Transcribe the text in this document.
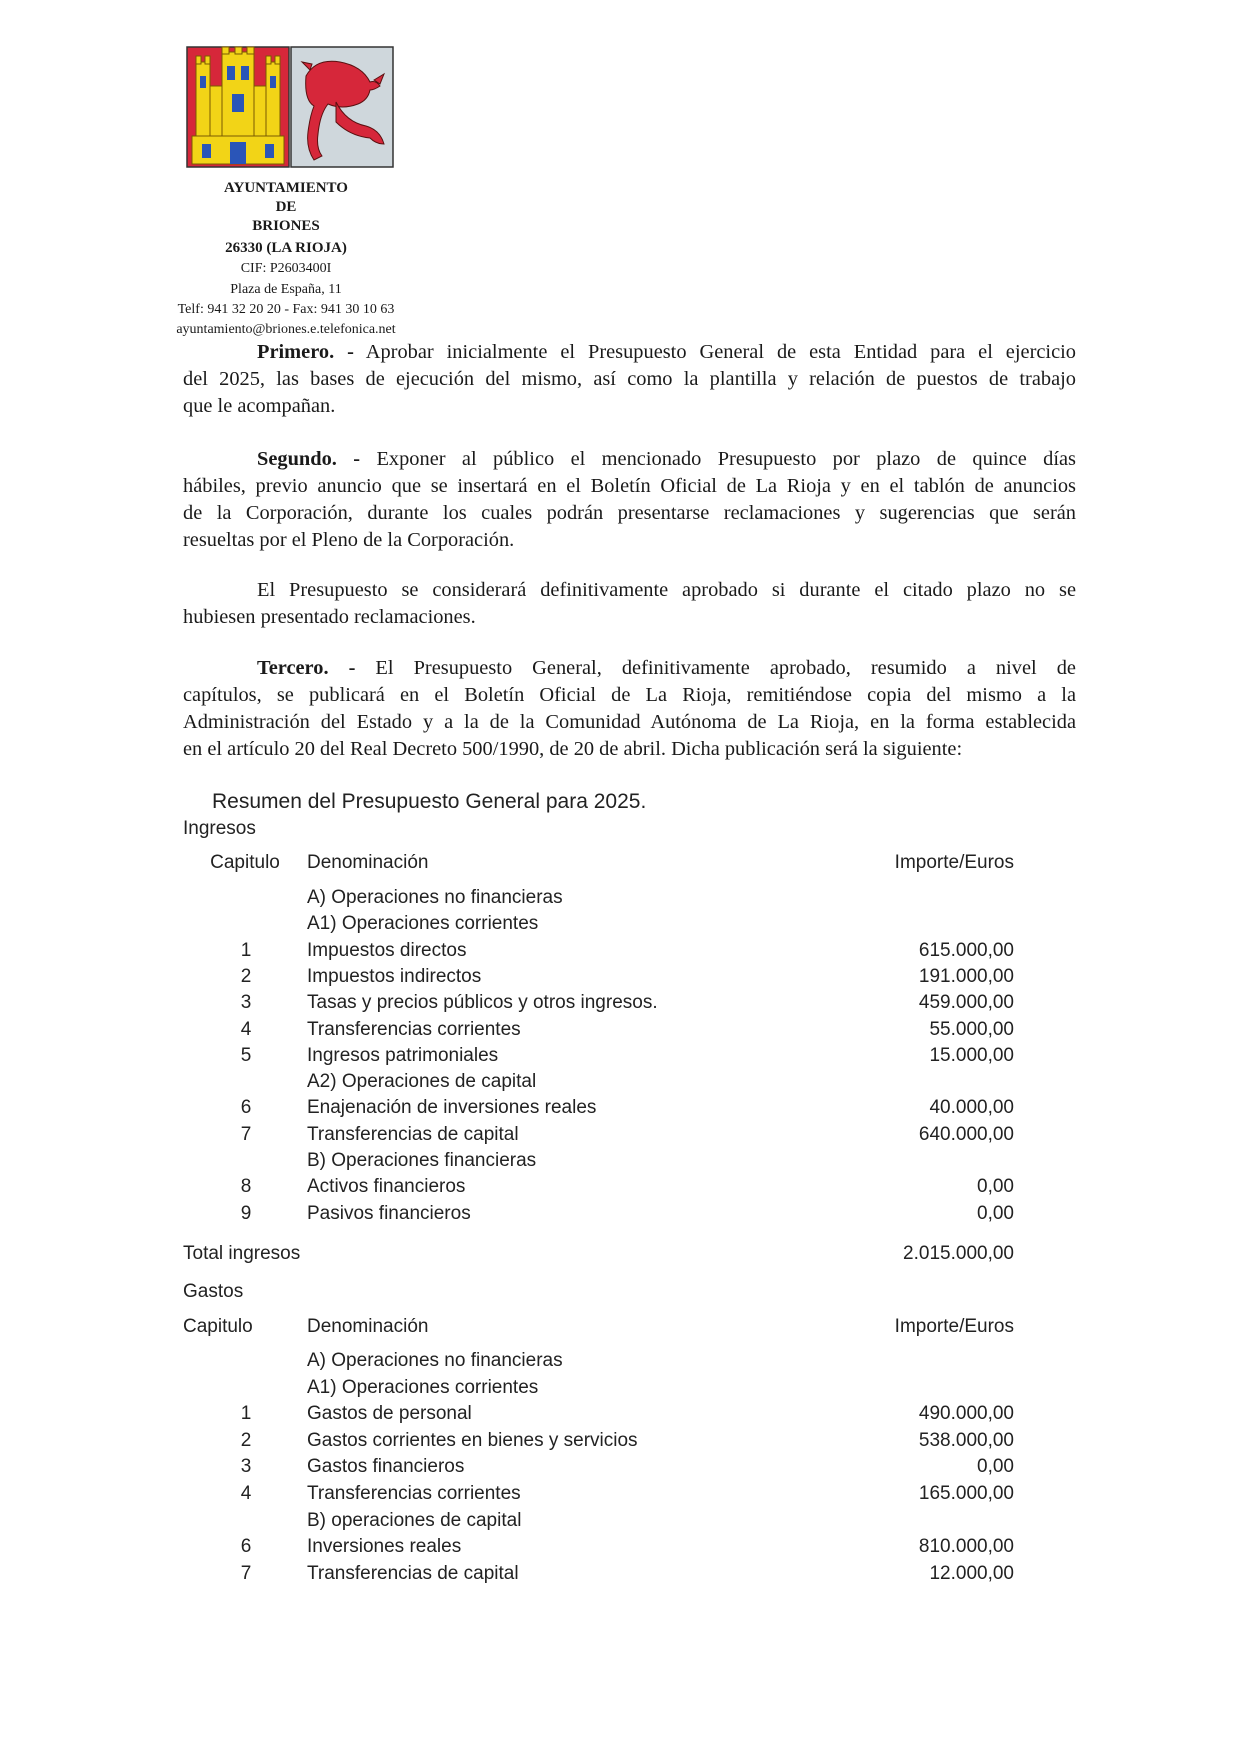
AYUNTAMIENTO
DE
BRIONES
26330 (LA RIOJA)
CIF: P2603400I
Plaza de España, 11
Telf: 941 32 20 20 - Fax: 941 30 10 63
ayuntamiento@briones.e.telefonica.net
Primero. - Aprobar inicialmente el Presupuesto General de esta Entidad para el ejercicio
del 2025, las bases de ejecución del mismo, así como la plantilla y relación de puestos de trabajo
que le acompañan.
Segundo. - Exponer al público el mencionado Presupuesto por plazo de quince días
hábiles, previo anuncio que se insertará en el Boletín Oficial de La Rioja y en el tablón de anuncios
de la Corporación, durante los cuales podrán presentarse reclamaciones y sugerencias que serán
resueltas por el Pleno de la Corporación.
El Presupuesto se considerará definitivamente aprobado si durante el citado plazo no se
hubiesen presentado reclamaciones.
Tercero. - El Presupuesto General, definitivamente aprobado, resumido a nivel de
capítulos, se publicará en el Boletín Oficial de La Rioja, remitiéndose copia del mismo a la
Administración del Estado y a la de la Comunidad Autónoma de La Rioja, en la forma establecida
en el artículo 20 del Real Decreto 500/1990, de 20 de abril. Dicha publicación será la siguiente:
Resumen del Presupuesto General para 2025.
Ingresos
Capitulo Denominación	Importe/Euros
A) Operaciones no financieras
A1) Operaciones corrientes
1	Impuestos directos	615.000,00
2	Impuestos indirectos	191.000,00
3	Tasas y precios públicos y otros ingresos.	459.000,00
4	Transferencias corrientes	55.000,00
5	Ingresos patrimoniales	15.000,00
A2) Operaciones de capital
6	Enajenación de inversiones reales	40.000,00
7	Transferencias de capital	640.000,00
B) Operaciones financieras
8	Activos financieros	0,00
9	Pasivos financieros	0,00
Total ingresos	2.015.000,00
Gastos
Capitulo	Denominación	Importe/Euros
A) Operaciones no financieras
A1) Operaciones corrientes
1	Gastos de personal	490.000,00
2	Gastos corrientes en bienes y servicios	538.000,00
3	Gastos financieros	0,00
4	Transferencias corrientes	165.000,00
B) operaciones de capital
6	Inversiones reales	810.000,00
7	Transferencias de capital	12.000,00
